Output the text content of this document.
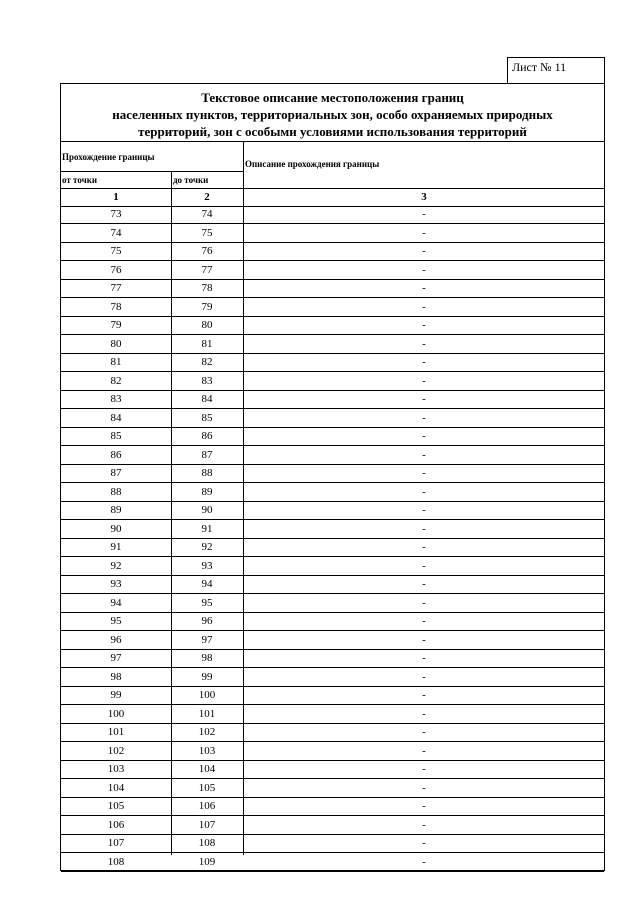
Лист № 11
Текстовое описание местоположения границ
населенных пунктов, территориальных зон, особо охраняемых природных
территорий, зон с особыми условиями использования территорий
Прохождение границы
Описание прохождения границы
от точки	до точки
1	2	3
73	74	-
74	75	-
75	76	-
76	77	-
77	78	-
78	79	-
79	80	-
80	81	-
81	82	-
82	83	-
83	84	-
84	85	-
85	86	-
86	87	-
87	88	-
88	89	-
89	90	-
90	91	-
91	92	-
92	93	-
93	94	-
94	95	-
95	96	-
96	97	-
97	98	-
98	99	-
99	100	-
100	101	-
101	102	-
102	103	-
103	104	-
104	105	-
105	106	-
106	107	-
107	108	-
108	109	-
